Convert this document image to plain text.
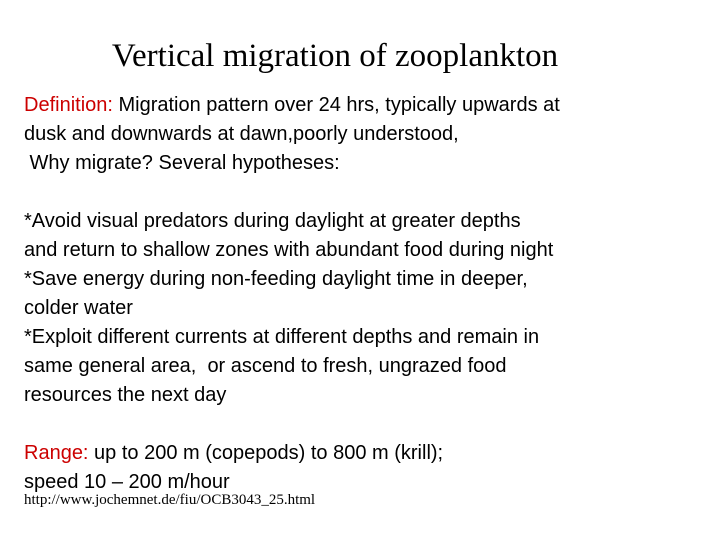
Vertical migration of zooplankton
Definition: Migration pattern over 24 hrs, typically upwards at
dusk and downwards at dawn,poorly understood,
Why migrate? Several hypotheses:
*Avoid visual predators during daylight at greater depths
and return to shallow zones with abundant food during night
*Save energy during non-feeding daylight time in deeper,
colder water
*Exploit different currents at different depths and remain in
same general area,  or ascend to fresh, ungrazed food
resources the next day
Range: up to 200 m (copepods) to 800 m (krill);
speed 10 – 200 m/hour
http://www.jochemnet.de/fiu/OCB3043_25.html
